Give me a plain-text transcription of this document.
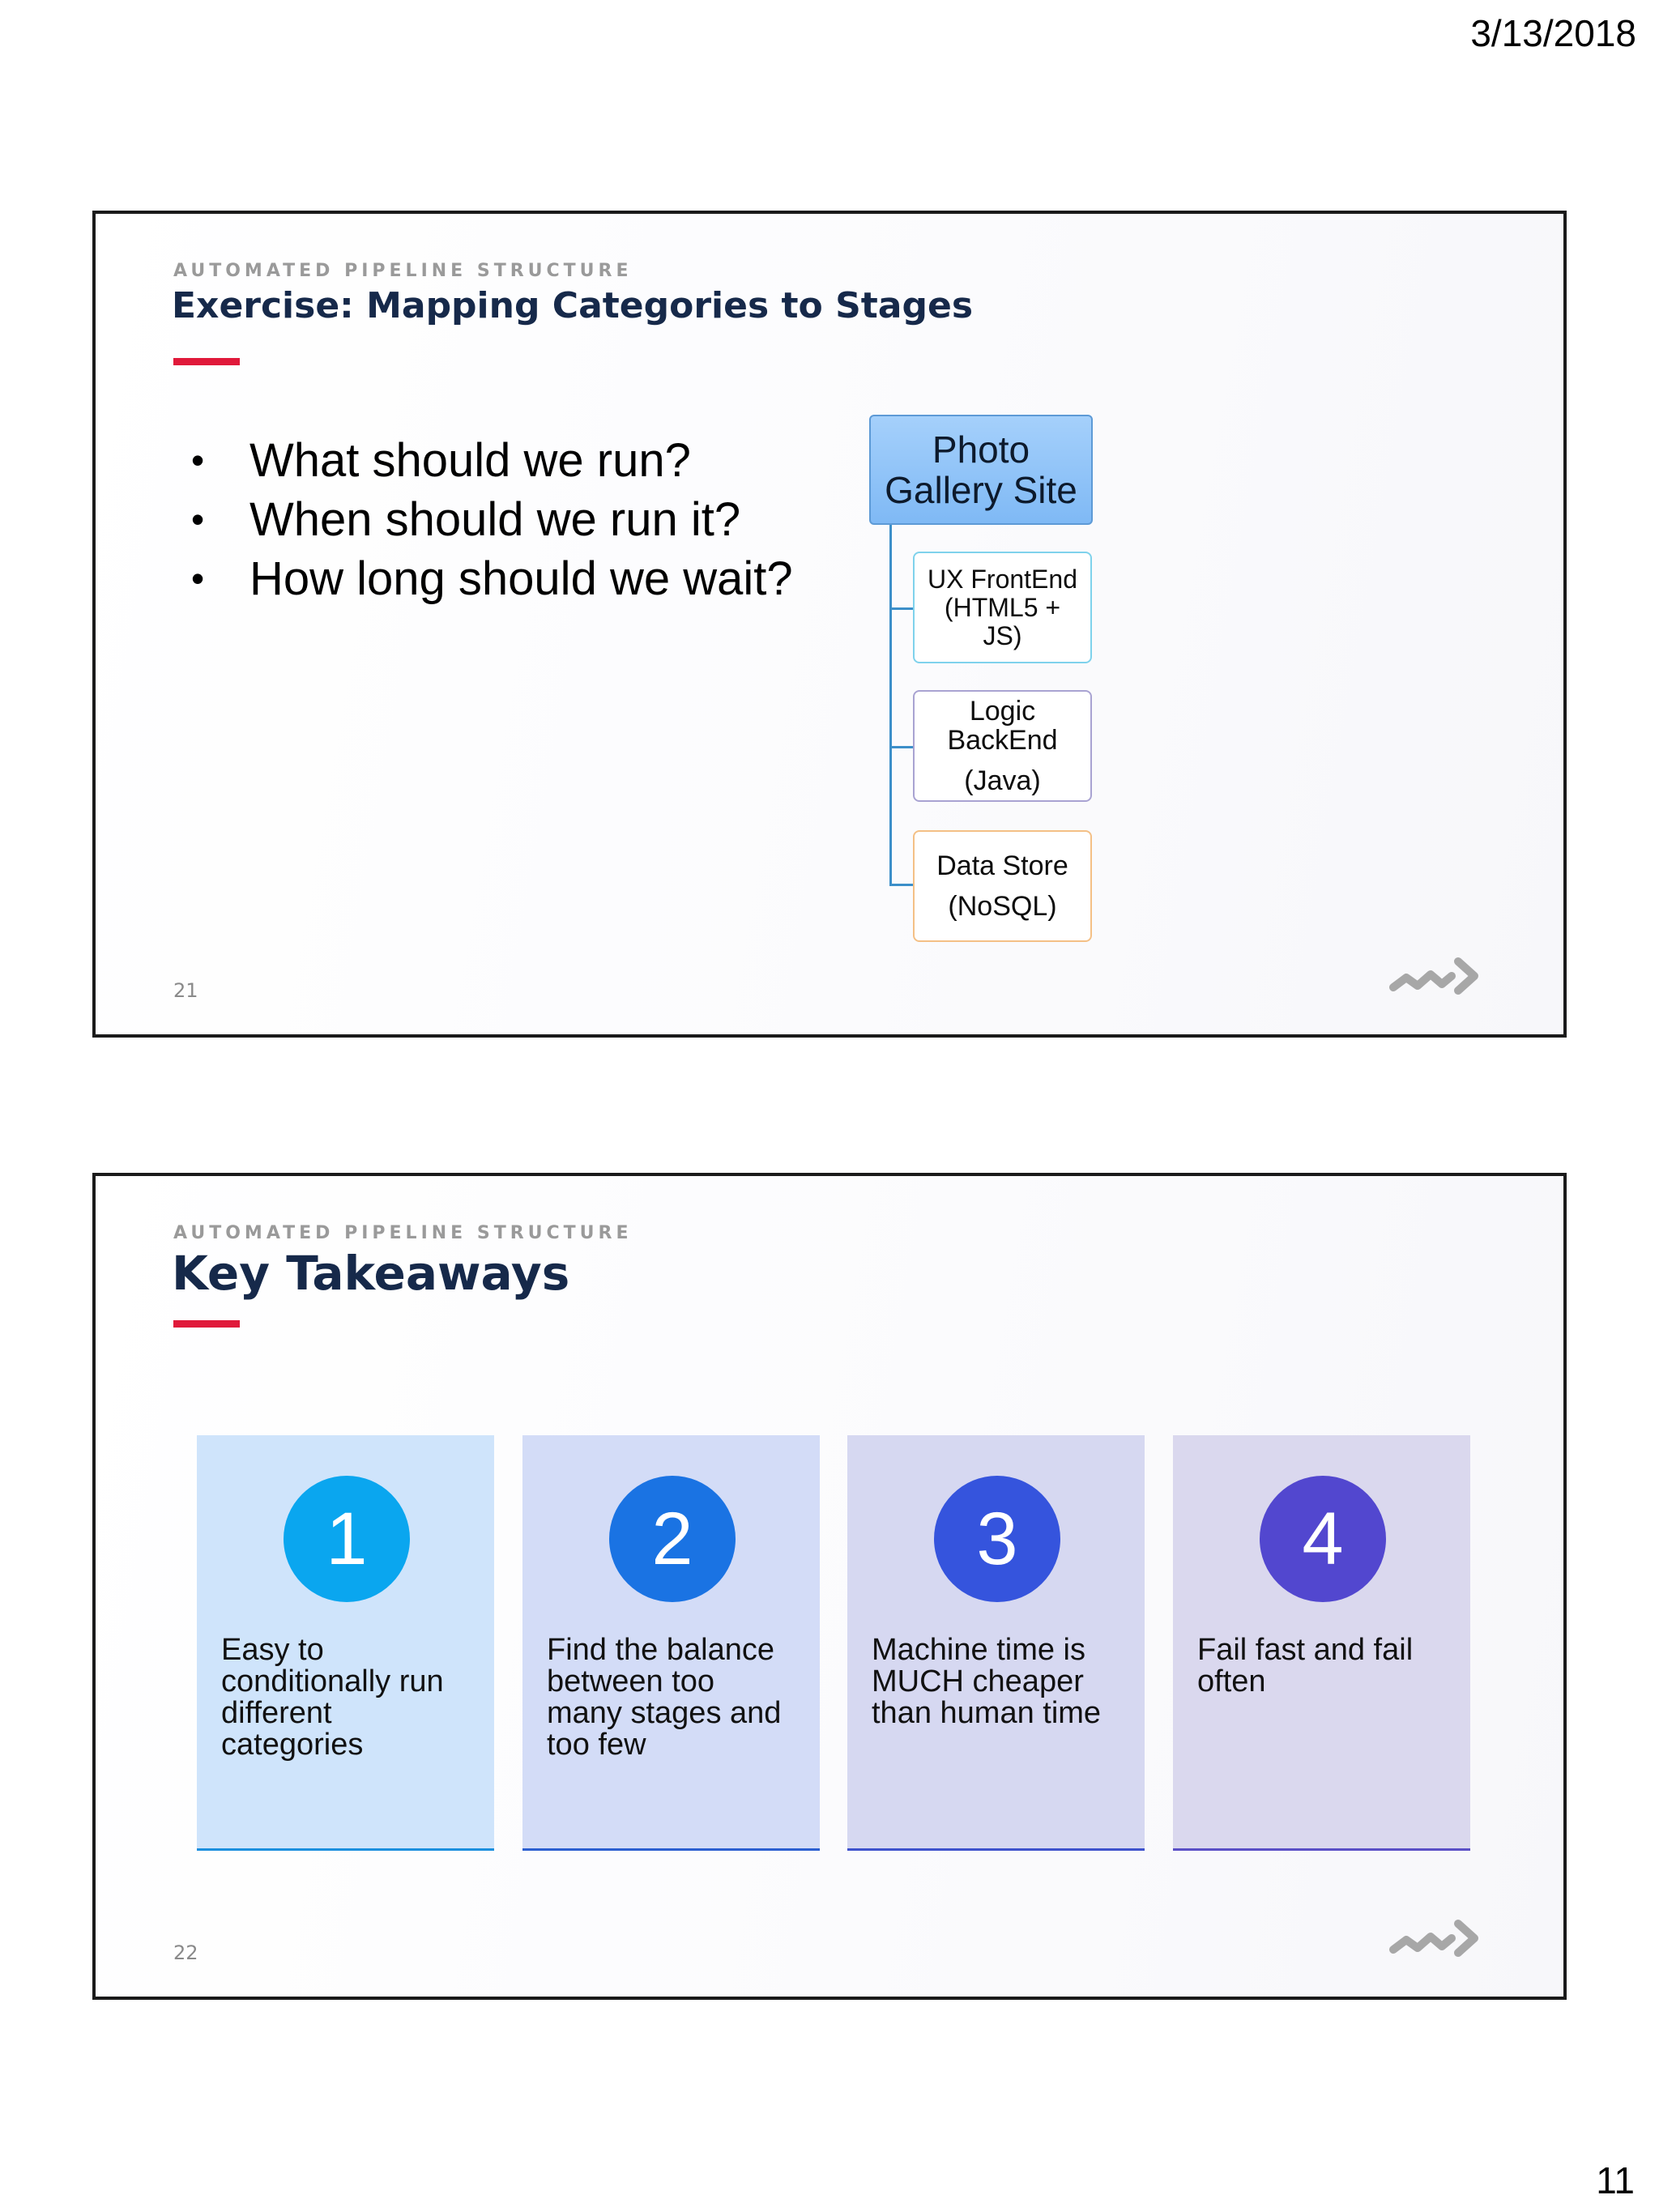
3/13/2018
AUTOMATED PIPELINE STRUCTURE
Exercise: Mapping Categories to Stages
• What should we run?
• When should we run it?
• How long should we wait?
Photo
Gallery Site
UX FrontEnd
(HTML5 +
JS)
Logic
BackEnd
(Java)
Data Store
(NoSQL)
21
AUTOMATED PIPELINE STRUCTURE
Key Takeaways
1
Easy to
conditionally run
different
categories
2
Find the balance
between too
many stages and
too few
3
Machine time is
MUCH cheaper
than human time
4
Fail fast and fail
often
22
11
